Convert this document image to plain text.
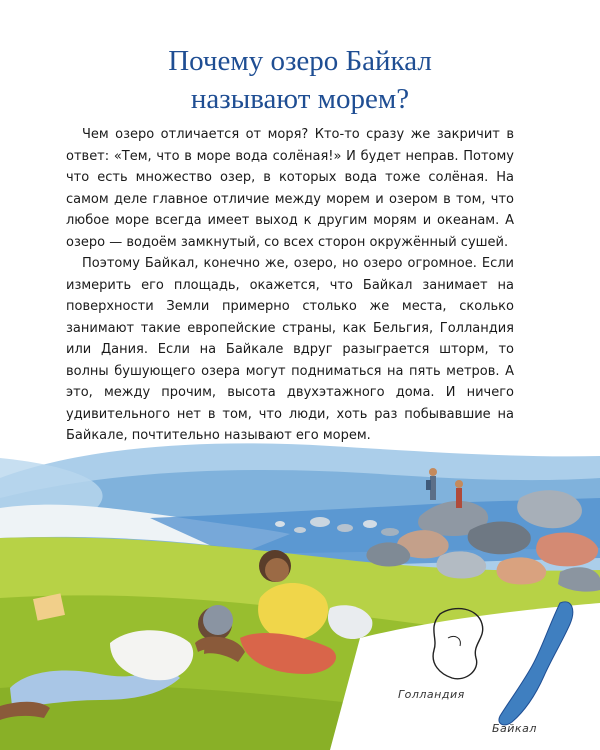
Почему озеро Байкал
называют морем?

Чем озеро отличается от моря? Кто-то сразу же закричит в ответ: «Тем, что в море вода солёная!» И будет неправ. Потому что есть множество озер, в которых вода тоже солёная. На самом деле главное отличие между морем и озером в том, что любое море всегда имеет выход к другим морям и океанам. А озеро — водоём замкнутый, со всех сторон окружённый сушей.

Поэтому Байкал, конечно же, озеро, но озеро огромное. Если измерить его площадь, окажется, что Байкал занимает на поверхности Земли примерно столько же места, сколько занимают такие европейские страны, как Бельгия, Голландия или Дания. Если на Байкале вдруг разыграется шторм, то волны бушующего озера могут подниматься на пять метров. А это, между прочим, высота двухэтажного дома. И ничего удивительного нет в том, что люди, хоть раз побывавшие на Байкале, почтительно называют его морем.

Голландия
Байкал
